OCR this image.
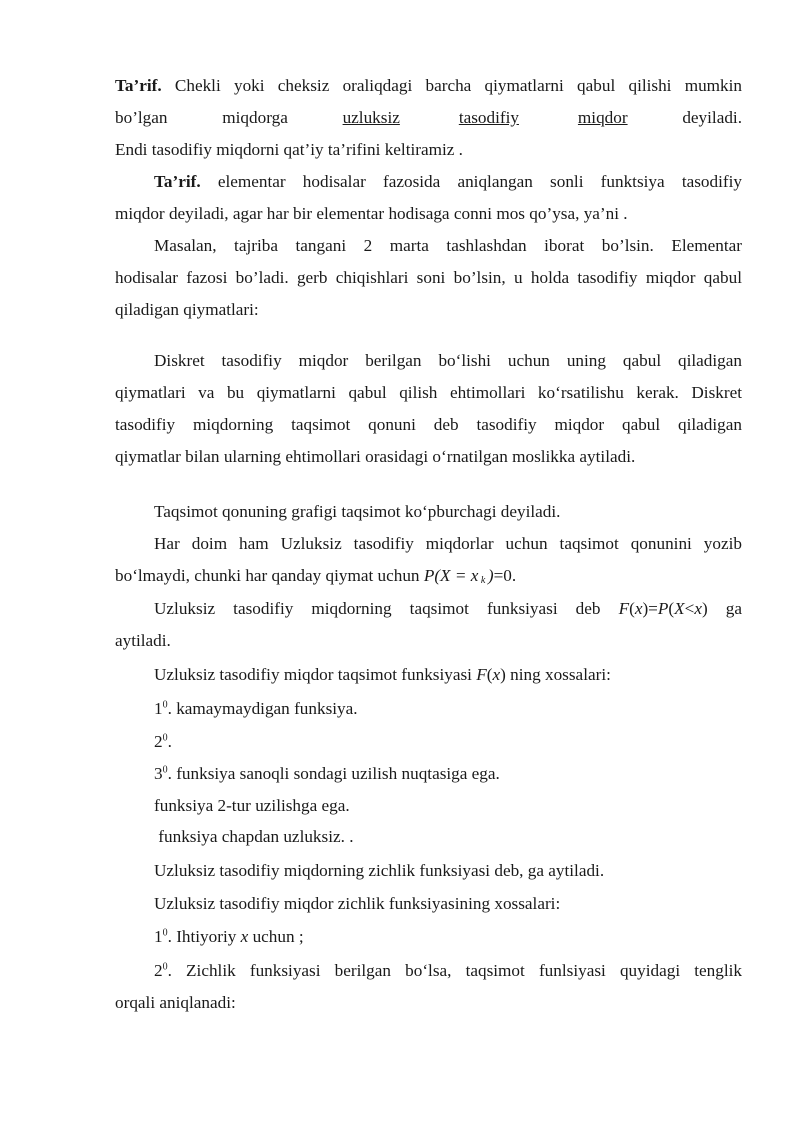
Ta’rif. Chekli yoki cheksiz oraliqdagi barcha qiymatlarni qabul qilishi mumkin
bo’lgan	miqdorga	uzluksiz	tasodifiy	miqdor	deyiladi.
Endi tasodifiy miqdorni qat’iy ta’rifini keltiramiz .
Ta’rif. elementar hodisalar fazosida aniqlangan sonli funktsiya tasodifiy
miqdor deyiladi, agar har bir elementar hodisaga conni mos qo’ysa, ya’ni .
Masalan, tajriba tangani 2 marta tashlashdan iborat bo’lsin. Elementar
hodisalar fazosi bo’ladi. gerb chiqishlari soni bo’lsin, u holda tasodifiy miqdor qabul
qiladigan qiymatlari:
Diskret tasodifiy miqdor berilgan bo‘lishi uchun uning qabul qiladigan
qiymatlari va bu qiymatlarni qabul qilish ehtimollari ko‘rsatilishu kerak. Diskret
tasodifiy miqdorning taqsimot qonuni deb tasodifiy miqdor qabul qiladigan
qiymatlar bilan ularning ehtimollari orasidagi o‘rnatilgan moslikka aytiladi.
Taqsimot qonuning grafigi taqsimot ko‘pburchagi deyiladi.
Har doim ham Uzluksiz tasodifiy miqdorlar uchun taqsimot qonunini yozib
bo‘lmaydi, chunki har qanday qiymat uchun P(X = x $_k$ )=0.
Uzluksiz tasodifiy miqdorning taqsimot funksiyasi deb F(x)=P(X<x) ga
aytiladi.
Uzluksiz tasodifiy miqdor taqsimot funksiyasi F(x) ning xossalari:
$1^0$. kamaymaydigan funksiya.
$2^0$.
$3^0$. funksiya sanoqli sondagi uzilish nuqtasiga ega.
funksiya 2-tur uzilishga ega.
funksiya chapdan uzluksiz. .
Uzluksiz tasodifiy miqdorning zichlik funksiyasi deb, ga aytiladi.
Uzluksiz tasodifiy miqdor zichlik funksiyasining xossalari:
$1^0$. Ihtiyoriy x uchun ;
$2^0$. Zichlik funksiyasi berilgan bo‘lsa, taqsimot funlsiyasi quyidagi tenglik
orqali aniqlanadi:
